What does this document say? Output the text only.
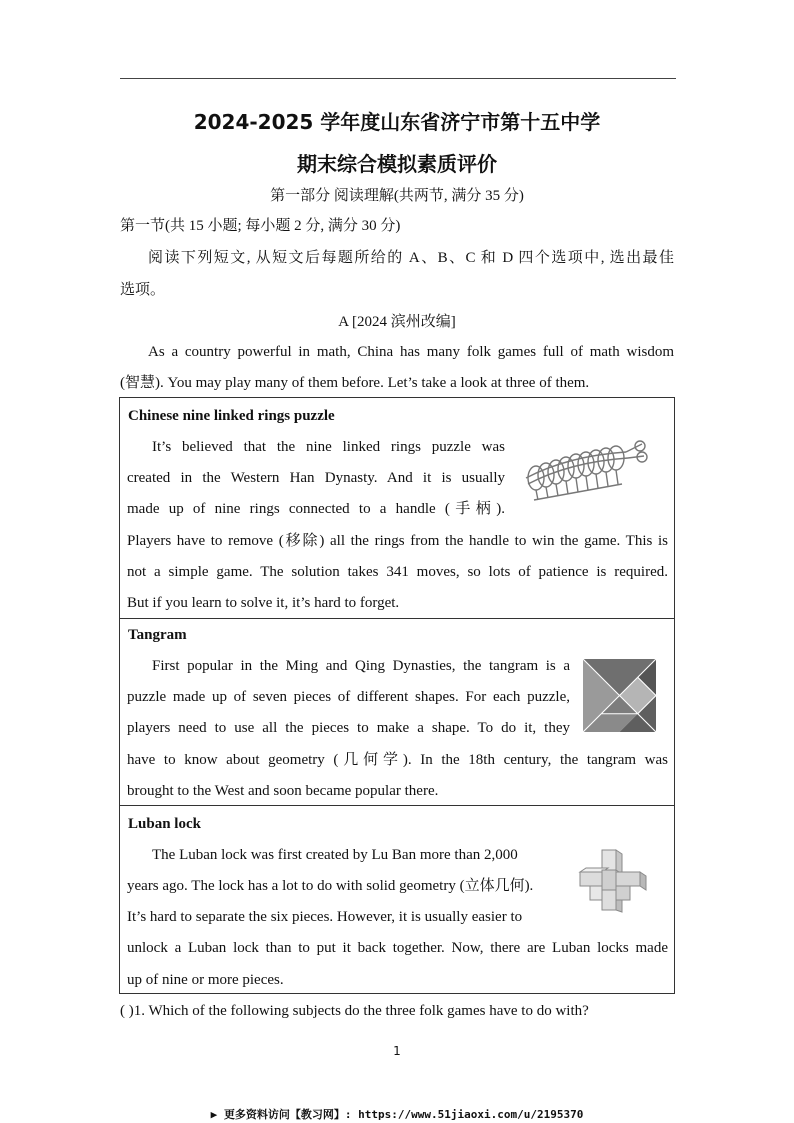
2024-2025 学年度山东省济宁市第十五中学
期末综合模拟素质评价
第一部分 阅读理解(共两节, 满分 35 分)
第一节(共 15 小题; 每小题 2 分, 满分 30 分)
阅读下列短文, 从短文后每题所给的 A、B、C 和 D 四个选项中, 选出最佳
选项。
A [2024 滨州改编]
As a country powerful in math, China has many folk games full of math wisdom
(智慧). You may play many of them before. Let’s take a look at three of them.
Chinese nine linked rings puzzle
It’s believed that the nine linked rings puzzle was
created in the Western Han Dynasty. And it is usually
made up of nine rings connected to a handle (手柄).
Players have to remove (移除) all the rings from the handle to win the game. This is
not a simple game. The solution takes 341 moves, so lots of patience is required.
But if you learn to solve it, it’s hard to forget.
Tangram
First popular in the Ming and Qing Dynasties, the tangram is a
puzzle made up of seven pieces of different shapes. For each puzzle,
players need to use all the pieces to make a shape. To do it, they
have to know about geometry (几何学). In the 18th century, the tangram was
brought to the West and soon became popular there.
Luban lock
The Luban lock was first created by Lu Ban more than 2,000
years ago. The lock has a lot to do with solid geometry (立体几何).
It’s hard to separate the six pieces. However, it is usually easier to
unlock a Luban lock than to put it back together. Now, there are Luban locks made
up of nine or more pieces.
( )1. Which of the following subjects do the three folk games have to do with?
1
▶ 更多资料访问【教习网】: https://www.51jiaoxi.com/u/2195370
